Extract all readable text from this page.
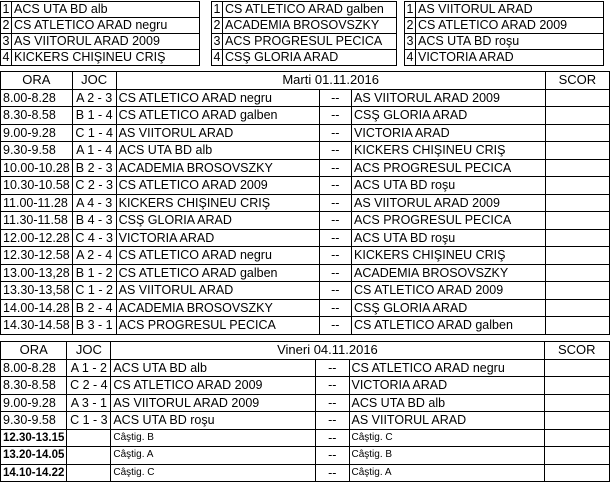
1	ACS UTA BD alb
2	CS ATLETICO ARAD negru
3	AS VIITORUL ARAD 2009
4	KICKERS CHIŞINEU CRIŞ
1	CS ATLETICO ARAD galben
2	ACADEMIA BROSOVSZKY
3	ACS PROGRESUL PECICA
4	CSŞ GLORIA ARAD
1	AS VIITORUL ARAD
2	CS ATLETICO ARAD 2009
3	ACS UTA BD roşu
4	VICTORIA ARAD
ORA	JOC	Marti 01.11.2016			SCOR
8.00-8.28	A 2 - 3	CS ATLETICO ARAD negru	--	AS VIITORUL ARAD 2009	
8.30-8.58	B 1 - 4	CS ATLETICO ARAD galben	--	CSŞ GLORIA ARAD	
9.00-9.28	C 1 - 4	AS VIITORUL ARAD	--	VICTORIA ARAD	
9.30-9.58	A 1 - 4	ACS UTA BD alb	--	KICKERS CHIŞINEU CRIŞ	
10.00-10.28	B 2 - 3	ACADEMIA BROSOVSZKY	--	ACS PROGRESUL PECICA	
10.30-10.58	C 2 - 3	CS ATLETICO ARAD 2009	--	ACS UTA BD roşu	
11.00-11.28	A 4 - 3	KICKERS CHIŞINEU CRIŞ	--	AS VIITORUL ARAD 2009	
11.30-11.58	B 4 - 3	CSŞ GLORIA ARAD	--	ACS PROGRESUL PECICA	
12.00-12.28	C 4 - 3	VICTORIA ARAD	--	ACS UTA BD roşu	
12.30-12.58	A 2 - 4	CS ATLETICO ARAD negru	--	KICKERS CHIŞINEU CRIŞ	
13.00-13,28	B 1 - 2	CS ATLETICO ARAD galben	--	ACADEMIA BROSOVSZKY	
13.30-13,58	C 1 - 2	AS VIITORUL ARAD	--	CS ATLETICO ARAD 2009	
14.00-14.28	B 2 - 4	ACADEMIA BROSOVSZKY	--	CSŞ GLORIA ARAD	
14.30-14.58	B 3 - 1	ACS PROGRESUL PECICA	--	CS ATLETICO ARAD galben	
ORA	JOC	Vineri 04.11.2016			SCOR
8.00-8.28	A 1 - 2	ACS UTA BD alb	--	CS ATLETICO ARAD negru	
8.30-8.58	C 2 - 4	CS ATLETICO ARAD 2009	--	VICTORIA ARAD	
9.00-9.28	A 3 - 1	AS VIITORUL ARAD 2009	--	ACS UTA BD alb	
9.30-9.58	C 1 - 3	ACS UTA BD roşu	--	AS VIITORUL ARAD	
12.30-13.15		Câştig. B	--	Câştig. C	
13.20-14.05		Câştig. A	--	Câştig. B	
14.10-14.22		Câştig. C	--	Câştig. A	
